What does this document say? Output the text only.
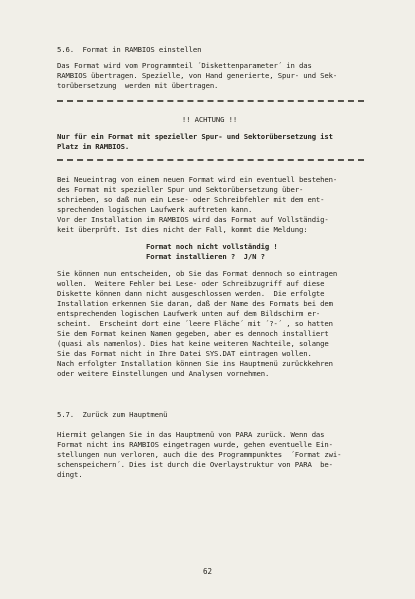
5.6.  Format in RAMBIOS einstellen
Das Format wird vom Programmteil ´Diskettenparameter´ in das
RAMBIOS übertragen. Spezielle, von Hand generierte, Spur- und Sek-
torübersetzung  werden mit übertragen.
!! ACHTUNG !!
Nur für ein Format mit spezieller Spur- und Sektorübersetzung ist
Platz im RAMBIOS.
Bei Neueintrag von einem neuen Format wird ein eventuell bestehen-
des Format mit spezieller Spur und Sektorübersetzung über-
schrieben, so daß nun ein Lese- oder Schreibfehler mit dem ent-
sprechenden logischen Laufwerk auftreten kann.
Vor der Installation im RAMBIOS wird das Format auf Vollständig-
keit überprüft. Ist dies nicht der Fall, kommt die Meldung:
Format noch nicht vollständig !
Format installieren ?  J/N ?
Sie können nun entscheiden, ob Sie das Format dennoch so eintragen
wollen.  Weitere Fehler bei Lese- oder Schreibzugriff auf diese
Diskette können dann nicht ausgeschlossen werden.  Die erfolgte
Installation erkennen Sie daran, daß der Name des Formats bei dem
entsprechenden logischen Laufwerk unten auf dem Bildschirm er-
scheint.  Erscheint dort eine ´leere Fläche´ mit ´?-´ , so hatten
Sie dem Format keinen Namen gegeben, aber es dennoch installiert
(quasi als namenlos). Dies hat keine weiteren Nachteile, solange
Sie das Format nicht in Ihre Datei SYS.DAT eintragen wollen.
Nach erfolgter Installation können Sie ins Hauptmenü zurückkehren
oder weitere Einstellungen und Analysen vornehmen.
5.7.  Zurück zum Hauptmenü
Hiermit gelangen Sie in das Hauptmenü von PARA zurück. Wenn das
Format nicht ins RAMBIOS eingetragen wurde, gehen eventuelle Ein-
stellungen nun verloren, auch die des Programmpunktes  ´Format zwi-
schenspeichern´. Dies ist durch die Overlaystruktur von PARA  be-
dingt.
62
